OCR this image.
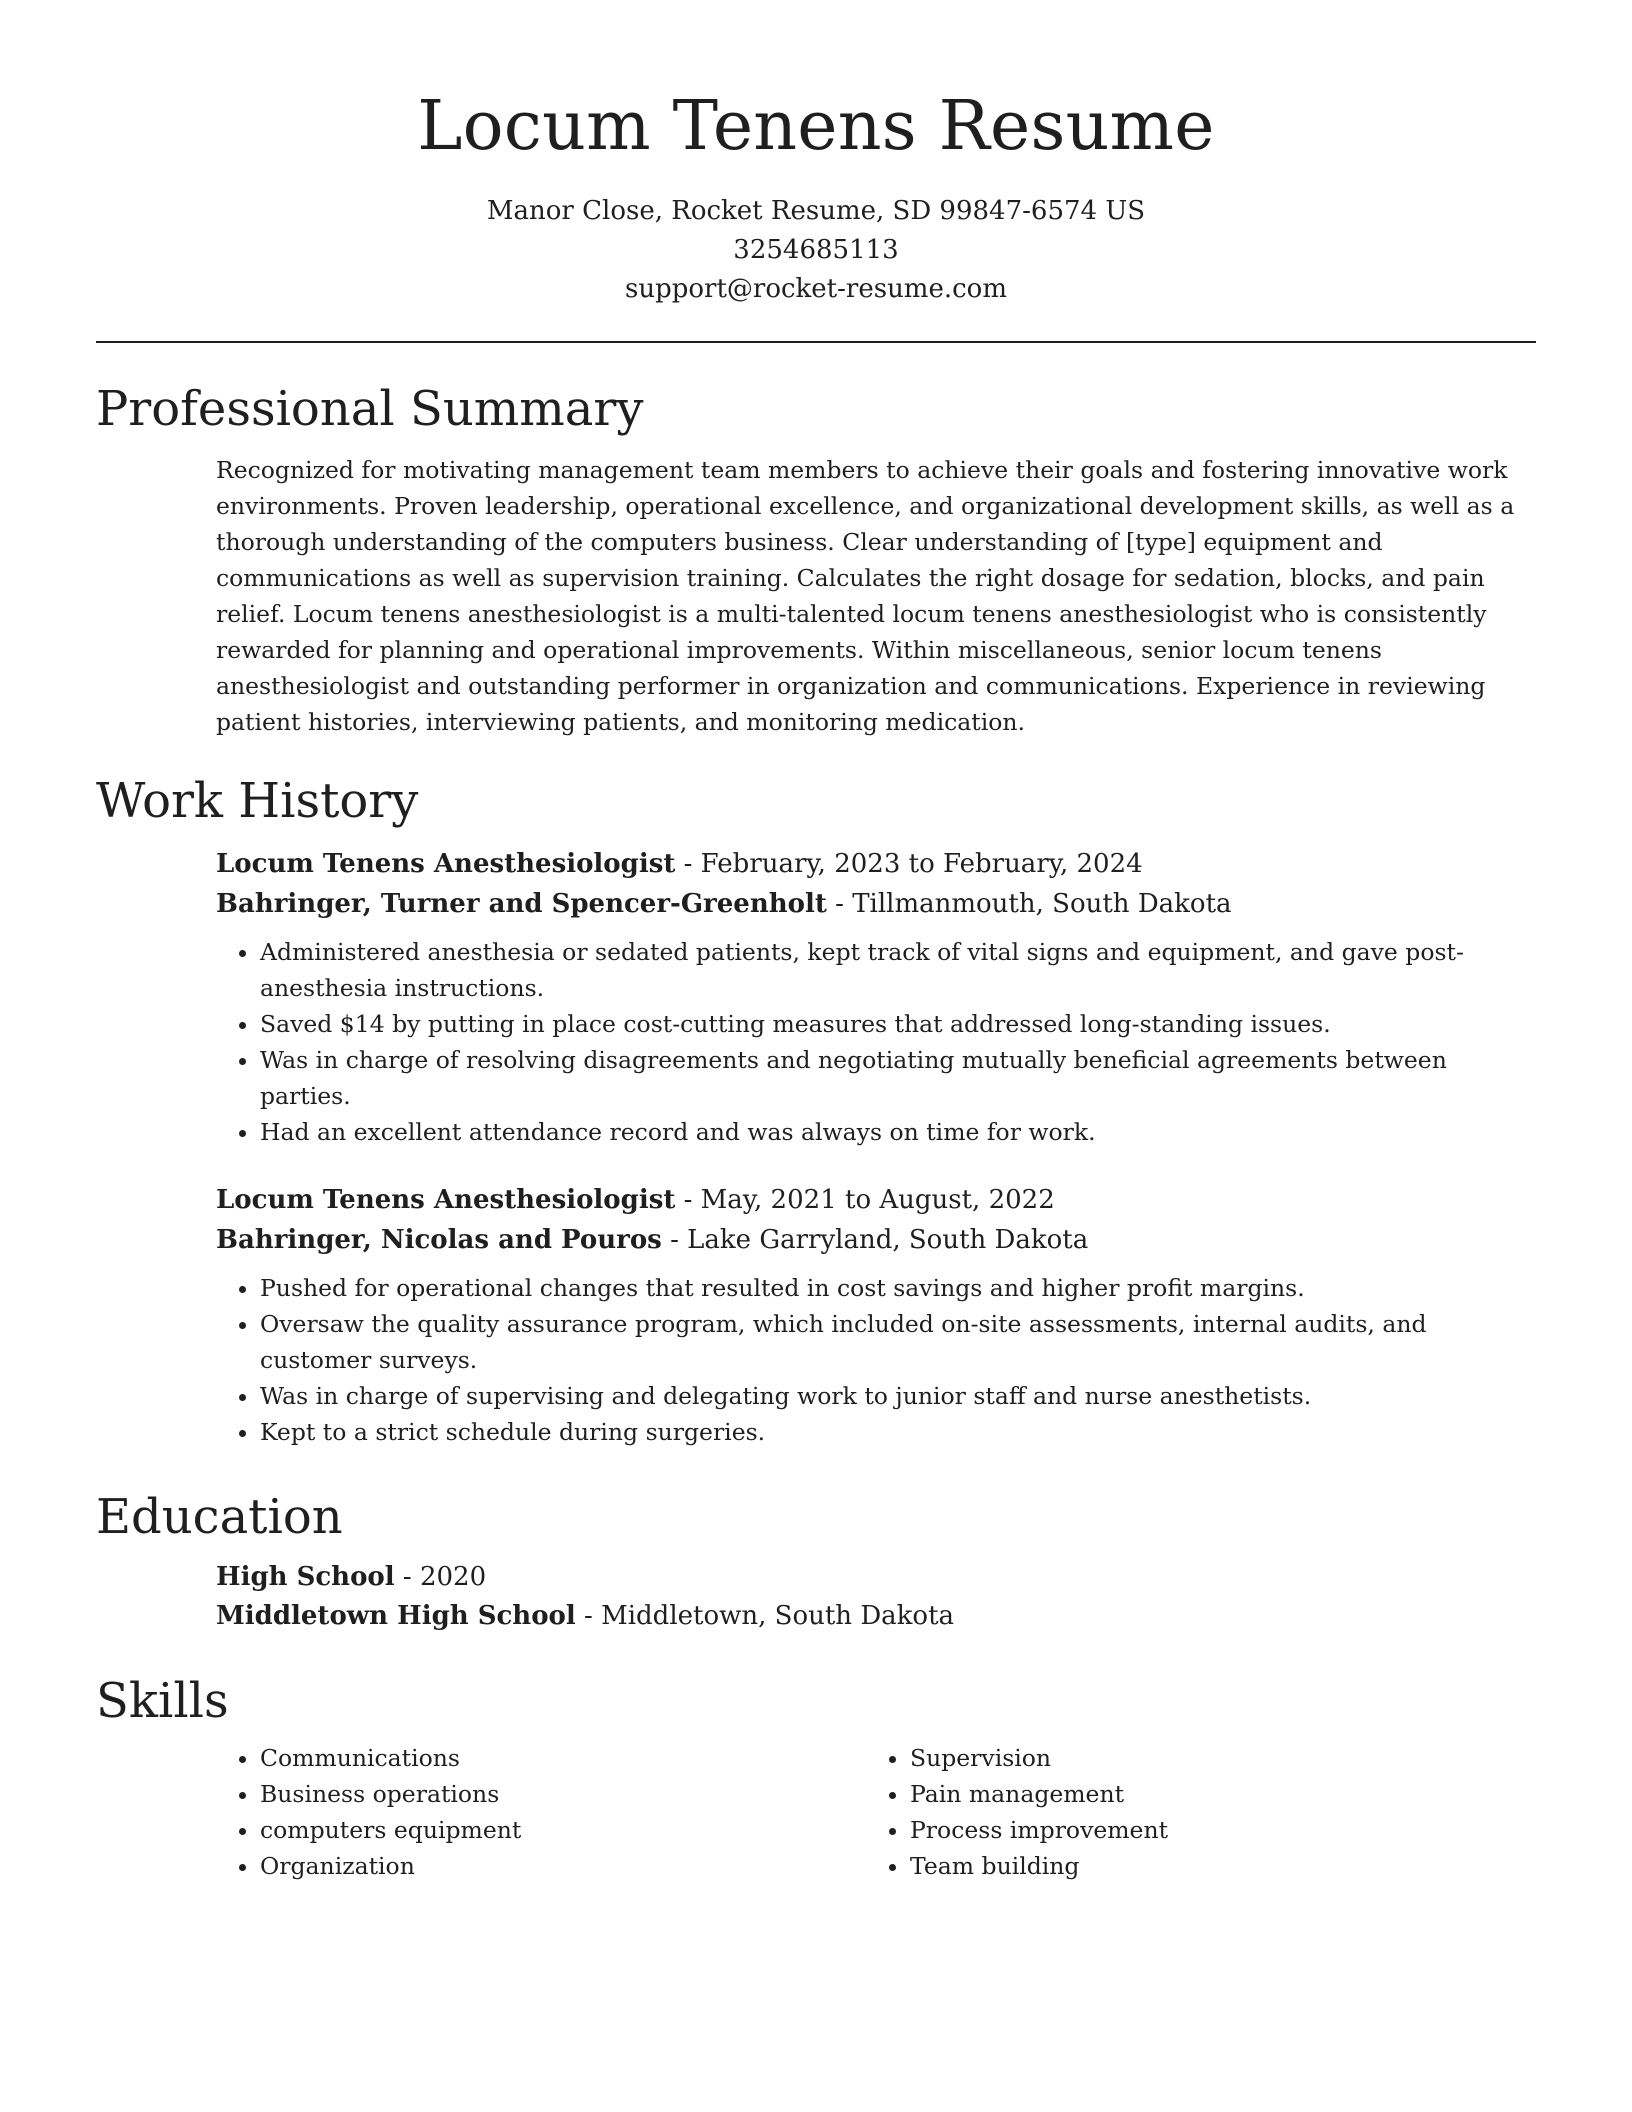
Locum Tenens Resume
Manor Close, Rocket Resume, SD 99847-6574 US
3254685113
support@rocket-resume.com
Professional Summary
Recognized for motivating management team members to achieve their goals and fostering innovative work environments. Proven leadership, operational excellence, and organizational development skills, as well as a thorough understanding of the computers business. Clear understanding of [type] equipment and communications as well as supervision training. Calculates the right dosage for sedation, blocks, and pain relief. Locum tenens anesthesiologist is a multi-talented locum tenens anesthesiologist who is consistently rewarded for planning and operational improvements. Within miscellaneous, senior locum tenens anesthesiologist and outstanding performer in organization and communications. Experience in reviewing patient histories, interviewing patients, and monitoring medication.
Work History
Locum Tenens Anesthesiologist - February, 2023 to February, 2024
Bahringer, Turner and Spencer-Greenholt - Tillmanmouth, South Dakota
• Administered anesthesia or sedated patients, kept track of vital signs and equipment, and gave post-anesthesia instructions.
• Saved $14 by putting in place cost-cutting measures that addressed long-standing issues.
• Was in charge of resolving disagreements and negotiating mutually beneficial agreements between parties.
• Had an excellent attendance record and was always on time for work.
Locum Tenens Anesthesiologist - May, 2021 to August, 2022
Bahringer, Nicolas and Pouros - Lake Garryland, South Dakota
• Pushed for operational changes that resulted in cost savings and higher profit margins.
• Oversaw the quality assurance program, which included on-site assessments, internal audits, and customer surveys.
• Was in charge of supervising and delegating work to junior staff and nurse anesthetists.
• Kept to a strict schedule during surgeries.
Education
High School - 2020
Middletown High School - Middletown, South Dakota
Skills
• Communications
• Business operations
• computers equipment
• Organization
• Supervision
• Pain management
• Process improvement
• Team building
